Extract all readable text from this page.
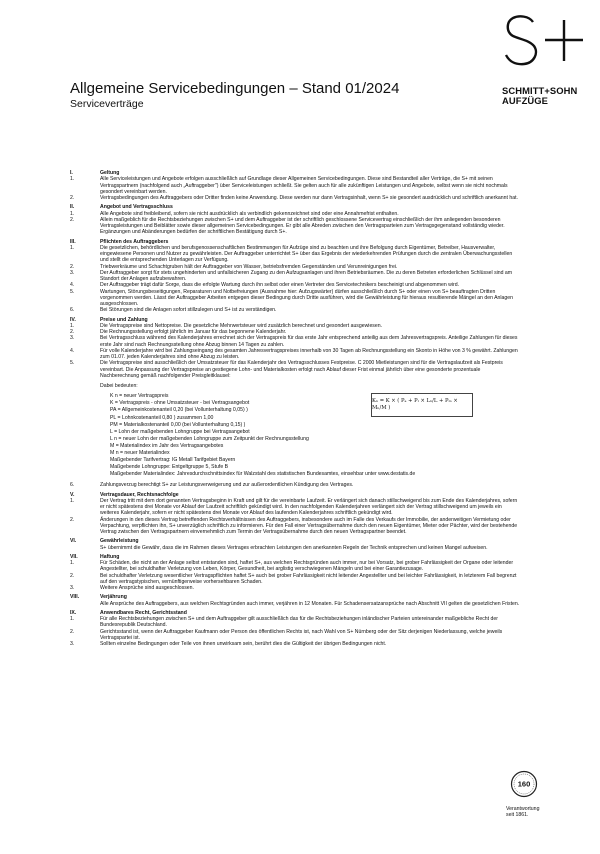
SCHMITT+SOHN
AUFZÜGE
Allgemeine Servicebedingungen – Stand 01/2024
Serviceverträge
I.	Geltung
1.	Alle Serviceleistungen und Angebote erfolgen ausschließlich auf Grundlage dieser Allgemeinen Servicebedingungen. Diese sind Bestandteil aller Verträge, die S+ mit seinen Vertragspartnern (nachfolgend auch „Auftraggeber") über Serviceleistungen schließt. Sie gelten auch für alle zukünftigen Leistungen und Angebote, selbst wenn sie nicht nochmals gesondert vereinbart werden.
2.	Vertragsbedingungen des Auftraggebers oder Dritter finden keine Anwendung. Diese werden nur dann Vertragsinhalt, wenn S+ sie gesondert ausdrücklich und schriftlich anerkannt hat.
II.	Angebot und Vertragsschluss
1.	Alle Angebote sind freibleibend, sofern sie nicht ausdrücklich als verbindlich gekennzeichnet sind oder eine Annahmefrist enthalten.
2.	Allein maßgeblich für die Rechtsbeziehungen zwischen S+ und dem Auftraggeber ist der schriftlich geschlossene Servicevertrag einschließlich der ihm anliegenden besonderen Vertragsleistungen und Beiblätter sowie dieser allgemeinen Servicebedingungen. Er gibt alle Abreden zwischen den Vertragsparteien zum Vertragsgegenstand vollständig wieder. Ergänzungen und Abänderungen bedürfen der schriftlichen Bestätigung durch S+.
III.	Pflichten des Auftraggebers
1.	Die gesetzlichen, behördlichen und berufsgenossenschaftlichen Bestimmungen für Aufzüge sind zu beachten und ihre Befolgung durch Eigentümer, Betreiber, Hausverwalter, eingewiesene Personen und Nutzer zu gewährleisten. Der Auftraggeber unterrichtet S+ über das Ergebnis der wiederkehrenden Prüfungen durch die zentralen Überwachungsstellen und stellt die entsprechenden Unterlagen zur Verfügung.
2.	Triebwerkräume und Schachtgruben hält der Auftraggeber von Wasser, betriebsfremden Gegenständen und Verunreinigungen frei.
3.	Der Auftraggeber sorgt für stets ungehinderten und unfallsicheren Zugang zu den Aufzugsanlagen und ihren Betriebsräumen. Die zu deren Betreten erforderlichen Schlüssel sind am Standort der Anlagen aufzubewahren.
4.	Der Auftraggeber trägt dafür Sorge, dass die erfolgte Wartung durch ihn selbst oder einen Vertreter des Servicetechnikers bescheinigt und abgenommen wird.
5.	Wartungen, Störungsbeseitigungen, Reparaturen und Notbefreiungen (Ausnahme hier: Aufzugswärter) dürfen ausschließlich durch S+ oder einen von S+ beauftragten Dritten vorgenommen werden. Lässt der Auftraggeber Arbeiten entgegen dieser Bedingung durch Dritte ausführen, wird die Gewährleistung für hieraus resultierende Mängel an den Anlagen ausgeschlossen.
6.	Bei Störungen sind die Anlagen sofort stillzulegen und S+ ist zu verständigen.
IV.	Preise und Zahlung
1.	Die Vertragspreise sind Nettopreise. Die gesetzliche Mehrwertsteuer wird zusätzlich berechnet und gesondert ausgewiesen.
2.	Die Rechnungsstellung erfolgt jährlich im Januar für das begonnene Kalenderjahr.
3.	Bei Vertragsschluss während des Kalenderjahres errechnet sich der Vertragspreis für das erste Jahr entsprechend anteilig aus dem Jahresvertragspreis. Anteilige Zahlungen für dieses erste Jahr sind nach Rechnungsstellung ohne Abzug binnen 14 Tagen zu zahlen.
4.	Für volle Kalenderjahre wird bei Zahlungseingang des gesamten Jahresvertragspreises innerhalb von 30 Tagen ab Rechnungsstellung ein Skonto in Höhe von 3 % gewährt. Zahlungen zum 01.07. jeden Kalenderjahres sind ohne Abzug zu leisten.
5.	Die Vertragspreise sind ausschließlich der Umsatzsteuer für das Kalenderjahr des Vertragsschlusses Festpreise. C 2000 Mietleistungen sind für die Vertragslaufzeit als Festpreis vereinbart. Die Anpassung der Vertragspreise an gestiegene Lohn- und Materialkosten erfolgt nach Ablauf dieser Frist einmal jährlich über eine gesonderte prozentuale Nachberechnung gemäß nachfolgender Preisgleitklausel:
Dabei bedeuten:
Kₙ = K × ( Pₐ + Pₗ × Lₙ/L + Pₘ × Mₙ/M )
K n = neuer Vertragspreis
K = Vertragspreis - ohne Umsatzsteuer - bei Vertragsangebot
PA = Allgemeinkostenanteil 0,20 (bei Vollunterhaltung 0,05) )
PL = Lohnkostenanteil 0,80 ) zusammen 1,00
PM = Materialkostenanteil 0,00 (bei Vollunterhaltung 0,15) )
L = Lohn der maßgebenden Lohngruppe bei Vertragsangebot
L n = neuer Lohn der maßgebenden Lohngruppe zum Zeitpunkt der Rechnungsstellung
M = Materialindex im Jahr des Vertragsangebotes
M n = neuer Materialindex
Maßgebender Tarifvertrag: IG Metall Tarifgebiet Bayern
Maßgebende Lohngruppe: Entgeltgruppe 5, Stufe B
Maßgebender Materialindex: Jahresdurchschnittsindex für Walzstahl des statistischen Bundesamtes, einsehbar unter www.destatis.de
6.	Zahlungsverzug berechtigt S+ zur Leistungsverweigerung und zur außerordentlichen Kündigung des Vertrages.
V.	Vertragsdauer, Rechtsnachfolge
1.	Der Vertrag tritt mit dem dort genannten Vertragsbeginn in Kraft und gilt für die vereinbarte Laufzeit. Er verlängert sich danach stillschweigend bis zum Ende des Kalenderjahres, sofern er nicht spätestens drei Monate vor Ablauf der Laufzeit schriftlich gekündigt wird. In den nachfolgenden Kalenderjahren verlängert sich der Vertrag stillschweigend um jeweils ein weiteres Kalenderjahr, sofern er nicht spätestens drei Monate vor Ablauf des laufenden Kalenderjahres schriftlich gekündigt wird.
2.	Änderungen in den dieses Vertrag betreffenden Rechtsverhältnissen des Auftraggebers, insbesondere auch im Falle des Verkaufs der Immobilie, der anderweitigen Vermietung oder Verpachtung, verpflichten ihn, S+ unverzüglich schriftlich zu informieren. Für den Fall einer Vertragsübernahme durch den neuen Eigentümer, Mieter oder Pächter, wird der bestehende Vertrag zwischen den Vertragspartnern einvernehmlich zum Termin der Vertragsübernahme durch den neuen Vertragspartner beendet.
VI.	Gewährleistung
S+ übernimmt die Gewähr, dass die im Rahmen dieses Vertrages erbrachten Leistungen den anerkannten Regeln der Technik entsprechen und keinen Mangel aufweisen.
VII.	Haftung
1.	Für Schäden, die nicht an der Anlage selbst entstanden sind, haftet S+, aus welchen Rechtsgründen auch immer, nur bei Vorsatz, bei grober Fahrlässigkeit der Organe oder leitender Angestellter, bei schuldhafter Verletzung von Leben, Körper, Gesundheit, bei arglistig verschwiegenen Mängeln und bei einer Garantiezusage.
2.	Bei schuldhafter Verletzung wesentlicher Vertragspflichten haftet S+ auch bei grober Fahrlässigkeit nicht leitender Angestellter und bei leichter Fahrlässigkeit, in letzterem Fall begrenzt auf den vertragstypischen, vernünftigerweise vorhersehbaren Schaden.
3.	Weitere Ansprüche sind ausgeschlossen.
VIII.	Verjährung
Alle Ansprüche des Auftraggebers, aus welchen Rechtsgründen auch immer, verjähren in 12 Monaten. Für Schadensersatzansprüche nach Abschnitt VII gelten die gesetzlichen Fristen.
IX.	Anwendbares Recht, Gerichtsstand
1.	Für alle Rechtsbeziehungen zwischen S+ und dem Auftraggeber gilt ausschließlich das für die Rechtsbeziehungen inländischer Parteien untereinander maßgebliche Recht der Bundesrepublik Deutschland.
2.	Gerichtsstand ist, wenn der Auftraggeber Kaufmann oder Person des öffentlichen Rechts ist, nach Wahl von S+ Nürnberg oder der Sitz derjenigen Niederlassung, welche jeweils Vertragspartei ist.
3.	Sollten einzelne Bedingungen oder Teile von ihnen unwirksam sein, berührt dies die Gültigkeit der übrigen Bedingungen nicht.
160
Verantwortung
seit 1861.
